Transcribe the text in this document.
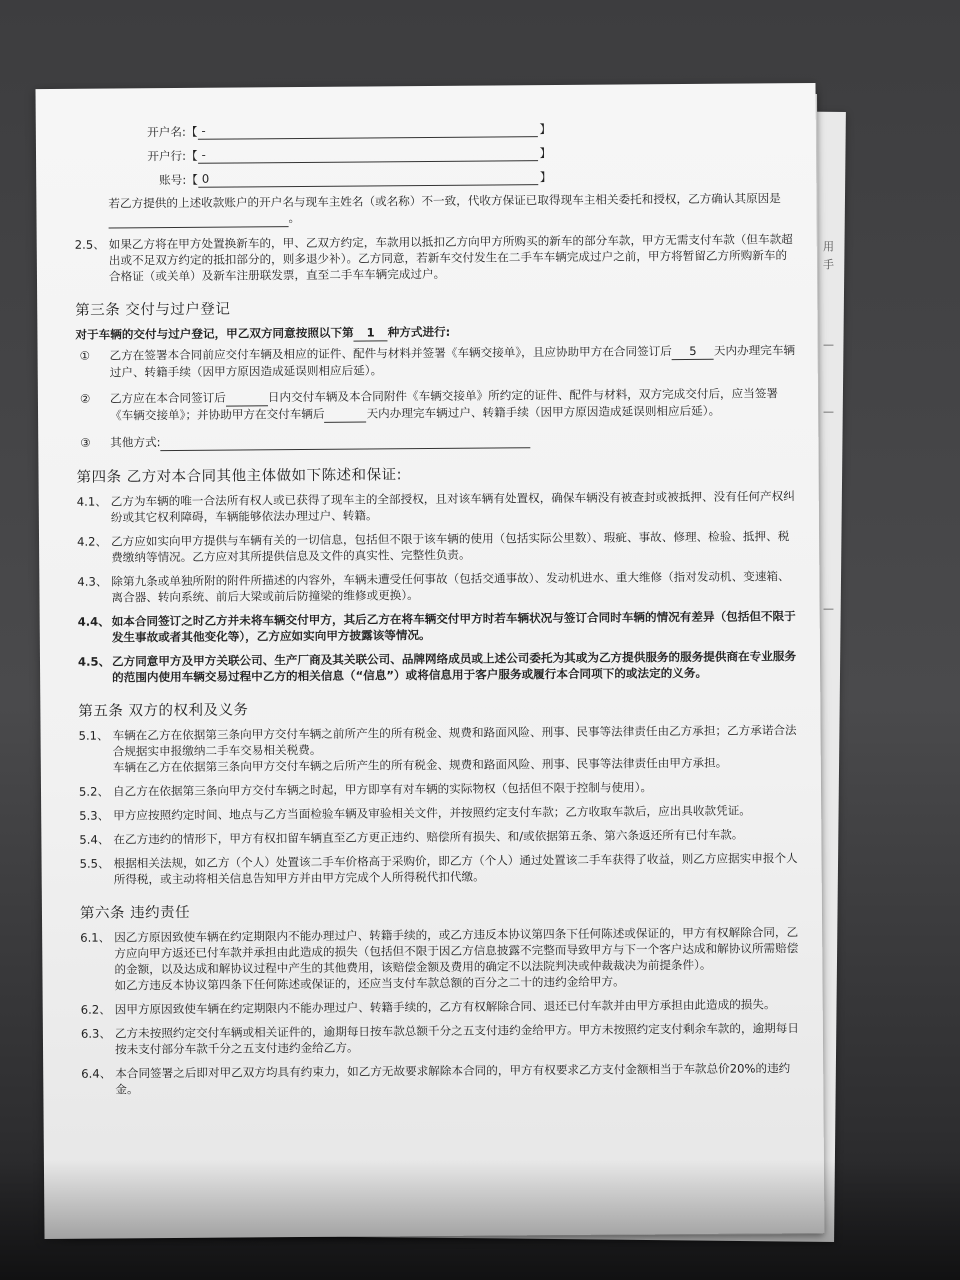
用
手
—
—
—
开户名: 【 -	】
开户行: 【 -	】
账号: 【 0	】
若乙方提供的上述收款账户的开户名与现车主姓名（或名称）不一致，代收方保证已取得现车主相关委托和授权，乙方确认其原因是 。
2.5、 如果乙方将在甲方处置换新车的，甲、乙双方约定，车款用以抵扣乙方向甲方所购买的新车的部分车款，甲方无需支付车款（但车款超出或不足双方约定的抵扣部分的，则多退少补）。乙方同意，若新车交付发生在二手车车辆完成过户之前，甲方将暂留乙方所购新车的合格证（或关单）及新车注册联发票，直至二手车车辆完成过户。
第三条 交付与过户登记
对于车辆的交付与过户登记，甲乙双方同意按照以下第 1 种方式进行:
① 乙方在签署本合同前应交付车辆及相应的证件、配件与材料并签署《车辆交接单》，且应协助甲方在合同签订后 5 天内办理完车辆过户、转籍手续（因甲方原因造成延误则相应后延）。
② 乙方应在本合同签订后	日内交付车辆及本合同附件《车辆交接单》所约定的证件、配件与材料，双方完成交付后，应当签署《车辆交接单》；并协助甲方在交付车辆后	天内办理完车辆过户、转籍手续（因甲方原因造成延误则相应后延）。
③ 其他方式:
第四条 乙方对本合同其他主体做如下陈述和保证:
4.1、 乙方为车辆的唯一合法所有权人或已获得了现车主的全部授权，且对该车辆有处置权，确保车辆没有被查封或被抵押、没有任何产权纠纷或其它权利障碍，车辆能够依法办理过户、转籍。
4.2、 乙方应如实向甲方提供与车辆有关的一切信息，包括但不限于该车辆的使用（包括实际公里数）、瑕疵、事故、修理、检验、抵押、税费缴纳等情况。乙方应对其所提供信息及文件的真实性、完整性负责。
4.3、 除第九条或单独所附的附件所描述的内容外，车辆未遭受任何事故（包括交通事故）、发动机进水、重大维修（指对发动机、变速箱、离合器、转向系统、前后大梁或前后防撞梁的维修或更换）。
4.4、 如本合同签订之时乙方并未将车辆交付甲方，其后乙方在将车辆交付甲方时若车辆状况与签订合同时车辆的情况有差异（包括但不限于发生事故或者其他变化等），乙方应如实向甲方披露该等情况。
4.5、 乙方同意甲方及甲方关联公司、生产厂商及其关联公司、品牌网络成员或上述公司委托为其或为乙方提供服务的服务提供商在专业服务的范围内使用车辆交易过程中乙方的相关信息（“信息”）或将信息用于客户服务或履行本合同项下的或法定的义务。
第五条 双方的权利及义务
5.1、 车辆在乙方在依据第三条向甲方交付车辆之前所产生的所有税金、规费和路面风险、刑事、民事等法律责任由乙方承担；乙方承诺合法合规据实申报缴纳二手车交易相关税费。
车辆在乙方在依据第三条向甲方交付车辆之后所产生的所有税金、规费和路面风险、刑事、民事等法律责任由甲方承担。
5.2、 自乙方在依据第三条向甲方交付车辆之时起，甲方即享有对车辆的实际物权（包括但不限于控制与使用）。
5.3、 甲方应按照约定时间、地点与乙方当面检验车辆及审验相关文件，并按照约定支付车款；乙方收取车款后，应出具收款凭证。
5.4、 在乙方违约的情形下，甲方有权扣留车辆直至乙方更正违约、赔偿所有损失、和/或依据第五条、第六条返还所有已付车款。
5.5、 根据相关法规，如乙方（个人）处置该二手车价格高于采购价，即乙方（个人）通过处置该二手车获得了收益，则乙方应据实申报个人所得税，或主动将相关信息告知甲方并由甲方完成个人所得税代扣代缴。
第六条 违约责任
6.1、 因乙方原因致使车辆在约定期限内不能办理过户、转籍手续的，或乙方违反本协议第四条下任何陈述或保证的，甲方有权解除合同，乙方应向甲方返还已付车款并承担由此造成的损失（包括但不限于因乙方信息披露不完整而导致甲方与下一个客户达成和解协议所需赔偿的金额，以及达成和解协议过程中产生的其他费用，该赔偿金额及费用的确定不以法院判决或仲裁裁决为前提条件）。
如乙方违反本协议第四条下任何陈述或保证的，还应当支付车款总额的百分之二十的违约金给甲方。
6.2、 因甲方原因致使车辆在约定期限内不能办理过户、转籍手续的，乙方有权解除合同、退还已付车款并由甲方承担由此造成的损失。
6.3、 乙方未按照约定交付车辆或相关证件的，逾期每日按车款总额千分之五支付违约金给甲方。甲方未按照约定支付剩余车款的，逾期每日按未支付部分车款千分之五支付违约金给乙方。
6.4、 本合同签署之后即对甲乙双方均具有约束力，如乙方无故要求解除本合同的，甲方有权要求乙方支付金额相当于车款总价20%的违约金。
